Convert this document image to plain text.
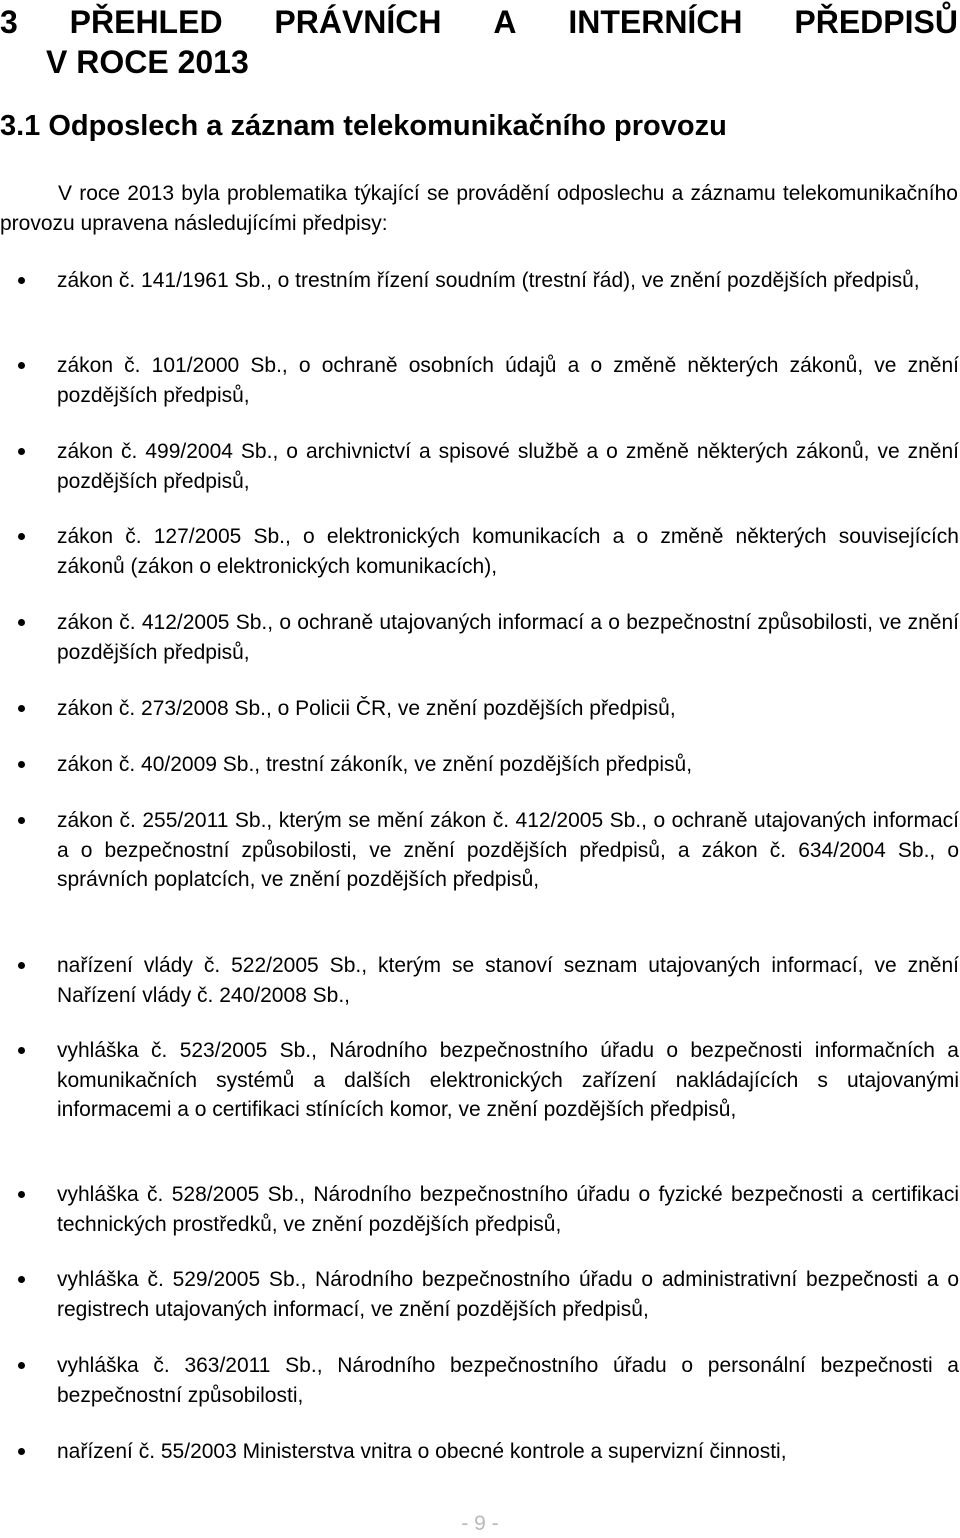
3 PŘEHLED PRÁVNÍCH A INTERNÍCH PŘEDPISŮ
V ROCE 2013
3.1 Odposlech a záznam telekomunikačního provozu

V roce 2013 byla problematika týkající se provádění odposlechu a záznamu telekomunikačního provozu upravena následujícími předpisy:

zákon č. 141/1961 Sb., o trestním řízení soudním (trestní řád), ve znění pozdějších předpisů,
zákon č. 101/2000 Sb., o ochraně osobních údajů a o změně některých zákonů, ve znění pozdějších předpisů,
zákon č. 499/2004 Sb., o archivnictví a spisové službě a o změně některých zákonů, ve znění pozdějších předpisů,
zákon č. 127/2005 Sb., o elektronických komunikacích a o změně některých souvisejících zákonů (zákon o elektronických komunikacích),
zákon č. 412/2005 Sb., o ochraně utajovaných informací a o bezpečnostní způsobilosti, ve znění pozdějších předpisů,
zákon č. 273/2008 Sb., o Policii ČR, ve znění pozdějších předpisů,
zákon č. 40/2009 Sb., trestní zákoník, ve znění pozdějších předpisů,
zákon č. 255/2011 Sb., kterým se mění zákon č. 412/2005 Sb., o ochraně utajovaných informací a o bezpečnostní způsobilosti, ve znění pozdějších předpisů, a zákon č. 634/2004 Sb., o správních poplatcích, ve znění pozdějších předpisů,
nařízení vlády č. 522/2005 Sb., kterým se stanoví seznam utajovaných informací, ve znění Nařízení vlády č. 240/2008 Sb.,
vyhláška č. 523/2005 Sb., Národního bezpečnostního úřadu o bezpečnosti informačních a komunikačních systémů a dalších elektronických zařízení nakládajících s utajovanými informacemi a o certifikaci stínících komor, ve znění pozdějších předpisů,
vyhláška č. 528/2005 Sb., Národního bezpečnostního úřadu o fyzické bezpečnosti a certifikaci technických prostředků, ve znění pozdějších předpisů,
vyhláška č. 529/2005 Sb., Národního bezpečnostního úřadu o administrativní bezpečnosti a o registrech utajovaných informací, ve znění pozdějších předpisů,
vyhláška č. 363/2011 Sb., Národního bezpečnostního úřadu o personální bezpečnosti a bezpečnostní způsobilosti,
nařízení č. 55/2003 Ministerstva vnitra o obecné kontrole a supervizní činnosti,
- 9 -
